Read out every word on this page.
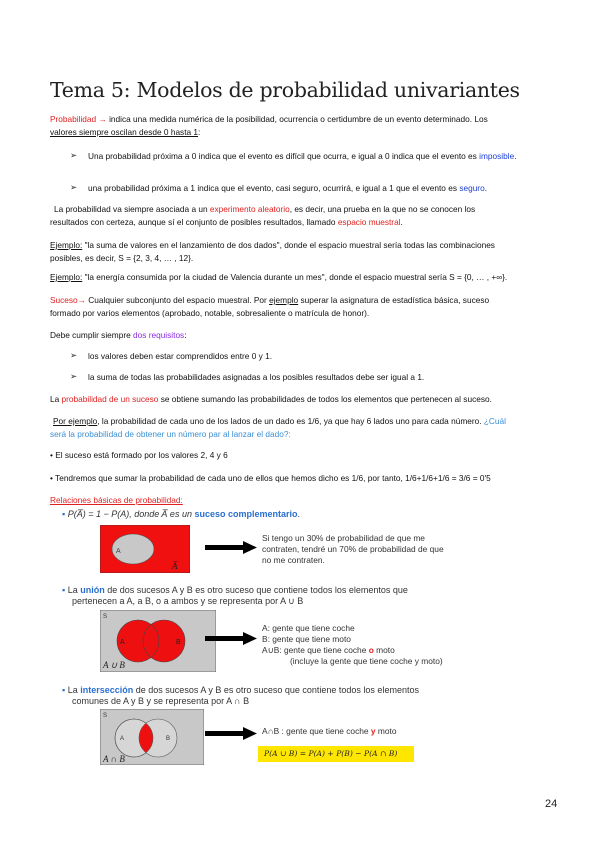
Tema 5: Modelos de probabilidad univariantes

Probabilidad → indica una medida numérica de la posibilidad, ocurrencia o certidumbre de un evento determinado. Los
valores siempre oscilan desde 0 hasta 1:

➢ Una probabilidad próxima a 0 indica que el evento es difícil que ocurra, e igual a 0 indica que el evento es imposible.

➢ una probabilidad próxima a 1 indica que el evento, casi seguro, ocurrirá, e igual a 1 que el evento es seguro.

La probabilidad va siempre asociada a un experimento aleatorio, es decir, una prueba en la que no se conocen los
resultados con certeza, aunque sí el conjunto de posibles resultados, llamado espacio muestral.

Ejemplo: "la suma de valores en el lanzamiento de dos dados", donde el espacio muestral sería todas las combinaciones
posibles, es decir, S = {2, 3, 4, … , 12}.

Ejemplo: "la energía consumida por la ciudad de Valencia durante un mes", donde el espacio muestral sería S = {0, … , +∞}.

Suceso→ Cualquier subconjunto del espacio muestral. Por ejemplo superar la asignatura de estadística básica, suceso
formado por varios elementos (aprobado, notable, sobresaliente o matrícula de honor).

Debe cumplir siempre dos requisitos:

➢ los valores deben estar comprendidos entre 0 y 1.

➢ la suma de todas las probabilidades asignadas a los posibles resultados debe ser igual a 1.

La probabilidad de un suceso se obtiene sumando las probabilidades de todos los elementos que pertenecen al suceso.

Por ejemplo, la probabilidad de cada uno de los lados de un dado es 1/6, ya que hay 6 lados uno para cada número. ¿Cuál
será la probabilidad de obtener un número par al lanzar el dado?:

• El suceso está formado por los valores 2, 4 y 6

• Tendremos que sumar la probabilidad de cada uno de ellos que hemos dicho es 1/6, por tanto, 1/6+1/6+1/6 = 3/6 = 0'5

Relaciones básicas de probabilidad:

▪ P(A̅) = 1 − P(A), donde A̅ es un suceso complementario.
A
A̅
Si tengo un 30% de probabilidad de que me
contraten, tendré un 70% de probabilidad de que
no me contraten.
▪ La unión de dos sucesos A y B es otro suceso que contiene todos los elementos que
pertenecen a A, a B, o a ambos y se representa por A ∪ B
S
A	B
A ∪ B
A: gente que tiene coche
B: gente que tiene moto
A∪B: gente que tiene coche o moto
(incluye la gente que tiene coche y moto)
▪ La intersección de dos sucesos A y B es otro suceso que contiene todos los elementos
comunes de A y B y se representa por A ∩ B
S
A	B
A ∩ B
A∩B : gente que tiene coche y moto
P(A ∪ B) = P(A) + P(B) − P(A ∩ B)
24
